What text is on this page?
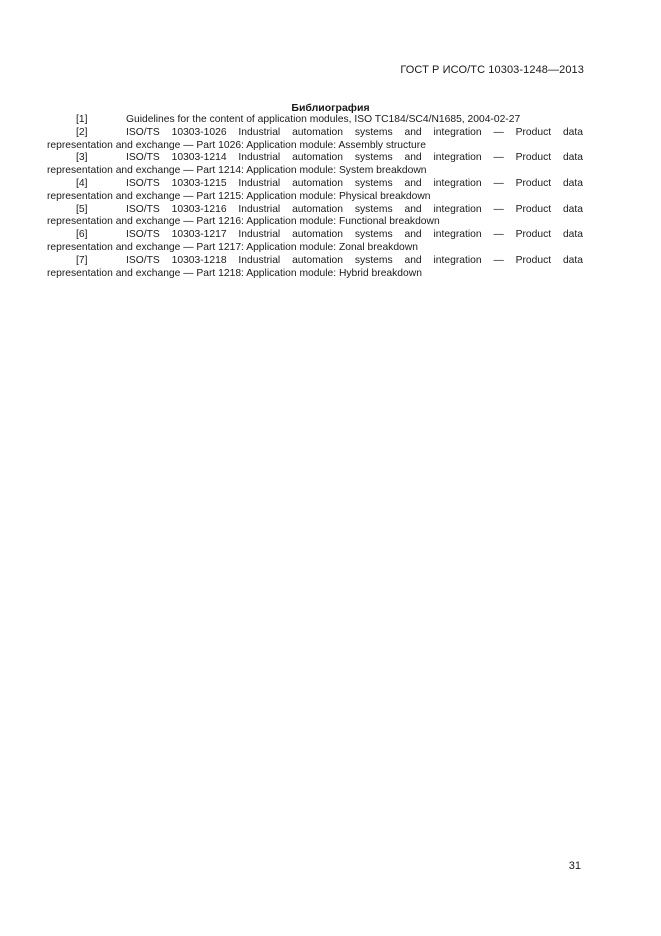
ГОСТ Р ИСО/ТС 10303-1248—2013
Библиография
[1]	Guidelines for the content of application modules, ISO TC184/SC4/N1685, 2004-02-27
[2]	ISO/TS 10303-1026 Industrial automation systems and integration — Product data
representation and exchange — Part 1026: Application module: Assembly structure
[3]	ISO/TS 10303-1214 Industrial automation systems and integration — Product data
representation and exchange — Part 1214: Application module: System breakdown
[4]	ISO/TS 10303-1215 Industrial automation systems and integration — Product data
representation and exchange — Part 1215: Application module: Physical breakdown
[5]	ISO/TS 10303-1216 Industrial automation systems and integration — Product data
representation and exchange — Part 1216: Application module: Functional breakdown
[6]	ISO/TS 10303-1217 Industrial automation systems and integration — Product data
representation and exchange — Part 1217: Application module: Zonal breakdown
[7]	ISO/TS 10303-1218 Industrial automation systems and integration — Product data
representation and exchange — Part 1218: Application module: Hybrid breakdown
31
